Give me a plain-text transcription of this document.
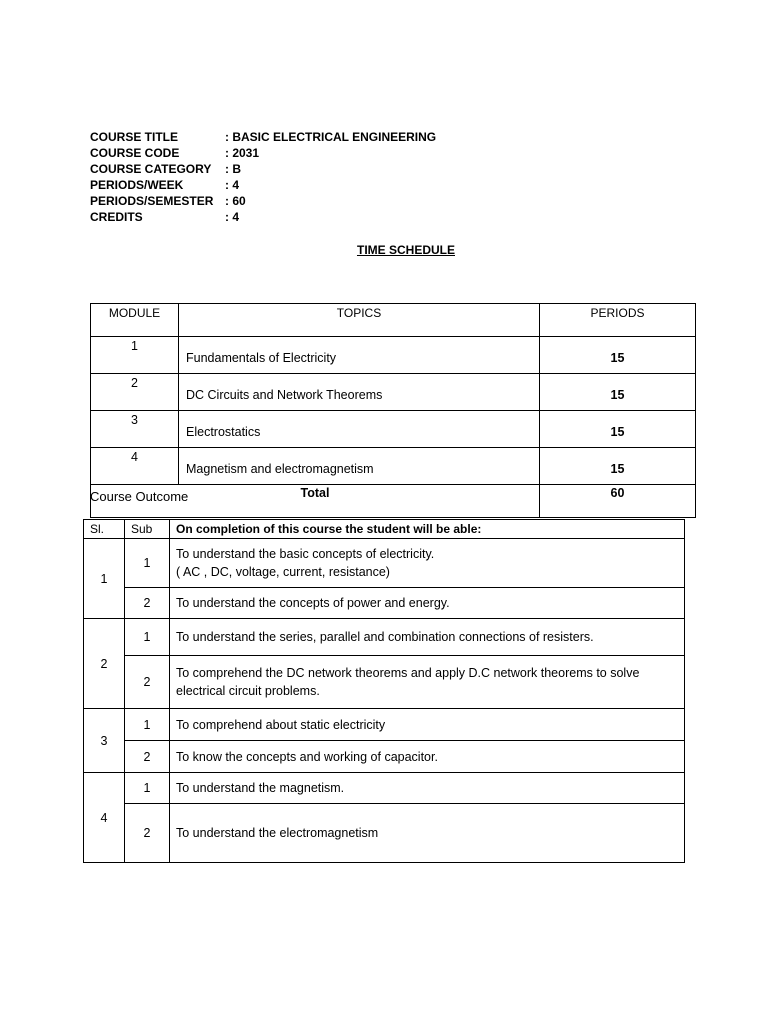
COURSE TITLE	: BASIC ELECTRICAL ENGINEERING
COURSE CODE	: 2031
COURSE CATEGORY : B
PERIODS/WEEK	: 4
PERIODS/SEMESTER : 60
CREDITS	: 4
TIME SCHEDULE
MODULE	TOPICS	PERIODS
1	Fundamentals of Electricity	15
2	DC Circuits and Network Theorems	15
3	Electrostatics	15
4	Magnetism and electromagnetism	15
Total		60
Course Outcome
Sl.	Sub	On completion of this course the student will be able:
1	1	To understand the basic concepts of electricity.
( AC , DC, voltage, current, resistance)
	2	To understand the concepts of power and energy.
2	1	To understand the series, parallel and combination connections of resisters.
	2	To comprehend the DC network theorems and apply D.C network theorems to solve electrical circuit problems.
3	1	To comprehend about static electricity
	2	To know the concepts and working of capacitor.
4	1	To understand the magnetism.
	2	To understand the electromagnetism
